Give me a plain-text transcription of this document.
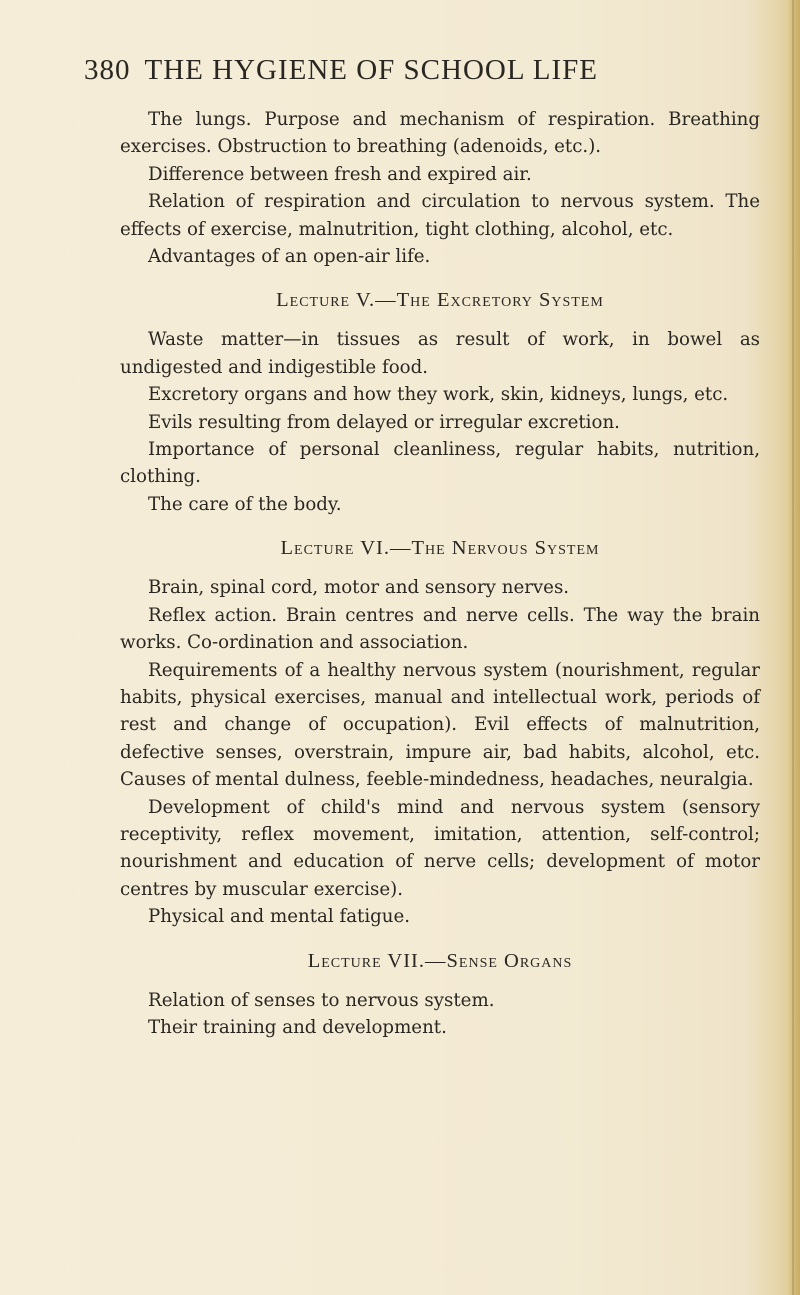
380 THE HYGIENE OF SCHOOL LIFE

The lungs. Purpose and mechanism of respiration. Breathing exercises. Obstruction to breathing (adenoids, etc.).

Difference between fresh and expired air.

Relation of respiration and circulation to nervous system. The effects of exercise, malnutrition, tight clothing, alcohol, etc.

Advantages of an open-air life.

Lecture V.—The Excretory System

Waste matter—in tissues as result of work, in bowel as undigested and indigestible food.

Excretory organs and how they work, skin, kidneys, lungs, etc.

Evils resulting from delayed or irregular excretion.

Importance of personal cleanliness, regular habits, nutrition, clothing.

The care of the body.

Lecture VI.—The Nervous System

Brain, spinal cord, motor and sensory nerves.

Reflex action. Brain centres and nerve cells. The way the brain works. Co-ordination and association.

Requirements of a healthy nervous system (nourishment, regular habits, physical exercises, manual and intellectual work, periods of rest and change of occupation). Evil effects of malnutrition, defective senses, overstrain, impure air, bad habits, alcohol, etc. Causes of mental dulness, feeble-mindedness, headaches, neuralgia.

Development of child's mind and nervous system (sensory receptivity, reflex movement, imitation, attention, self-control; nourishment and education of nerve cells; development of motor centres by muscular exercise).

Physical and mental fatigue.

Lecture VII.—Sense Organs

Relation of senses to nervous system.

Their training and development.
